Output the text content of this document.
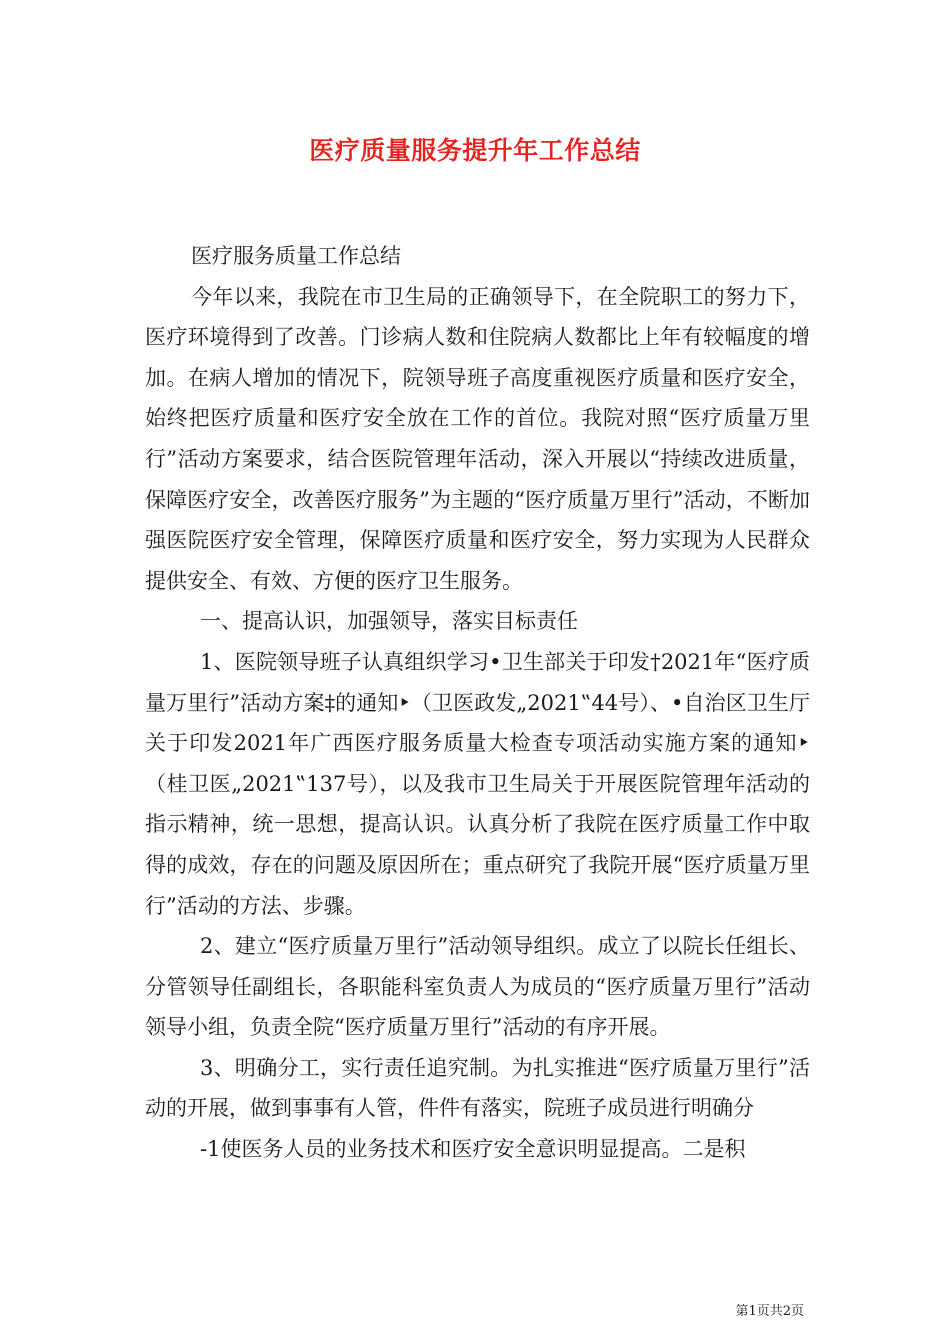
医疗质量服务提升年工作总结

医疗服务质量工作总结

今年以来，我院在市卫生局的正确领导下，在全院职工的努力下，医疗环境得到了改善。门诊病人数和住院病人数都比上年有较幅度的增加。在病人增加的情况下，院领导班子高度重视医疗质量和医疗安全，始终把医疗质量和医疗安全放在工作的首位。我院对照“医疗质量万里行”活动方案要求，结合医院管理年活动，深入开展以“持续改进质量，保障医疗安全，改善医疗服务”为主题的“医疗质量万里行”活动，不断加强医院医疗安全管理，保障医疗质量和医疗安全，努力实现为人民群众提供安全、有效、方便的医疗卫生服务。

一、提高认识，加强领导，落实目标责任

1、医院领导班子认真组织学习•卫生部关于印发†2021年“医疗质量万里行”活动方案‡的通知‣（卫医政发„2021‟44号）、•自治区卫生厅关于印发2021年广西医疗服务质量大检查专项活动实施方案的通知‣（桂卫医„2021‟137号），以及我市卫生局关于开展医院管理年活动的指示精神，统一思想，提高认识。认真分析了我院在医疗质量工作中取得的成效，存在的问题及原因所在；重点研究了我院开展“医疗质量万里行”活动的方法、步骤。

2、建立“医疗质量万里行”活动领导组织。成立了以院长任组长、分管领导任副组长，各职能科室负责人为成员的“医疗质量万里行”活动领导小组，负责全院“医疗质量万里行”活动的有序开展。

3、明确分工，实行责任追究制。为扎实推进“医疗质量万里行”活动的开展，做到事事有人管，件件有落实，院班子成员进行明确分

-1使医务人员的业务技术和医疗安全意识明显提高。二是积

第1页共2页
